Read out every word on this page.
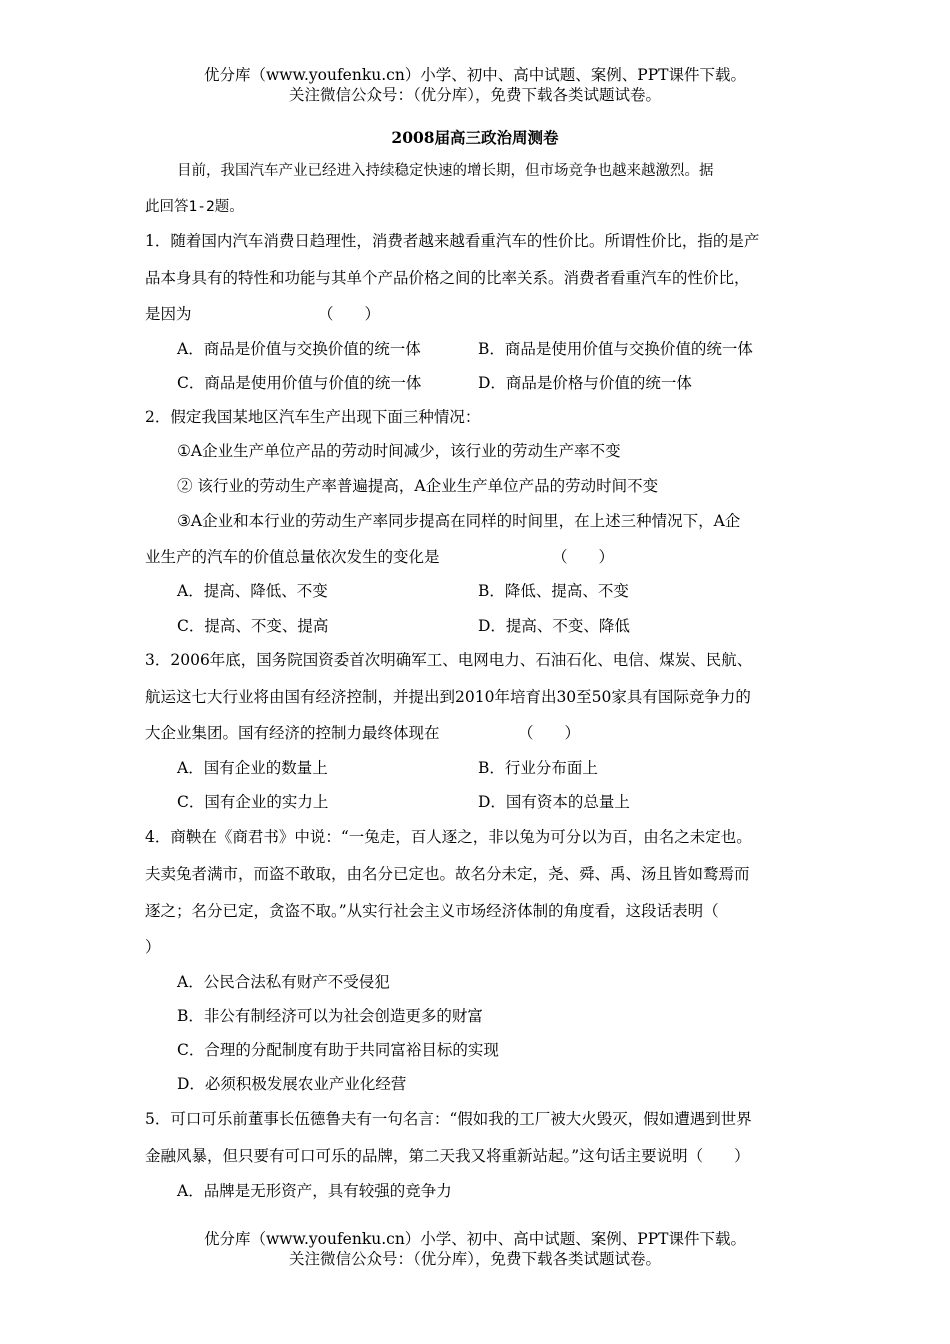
优分库（www.youfenku.cn）小学、初中、高中试题、案例、PPT课件下载。
关注微信公众号：（优分库），免费下载各类试题试卷。
2008届高三政治周测卷
目前，我国汽车产业已经进入持续稳定快速的增长期，但市场竞争也越来越激烈。据
此回答1-2题。
1．随着国内汽车消费日趋理性，消费者越来越看重汽车的性价比。所谓性价比，指的是产
品本身具有的特性和功能与其单个产品价格之间的比率关系。消费者看重汽车的性价比，
是因为	（　　）
A．商品是价值与交换价值的统一体	B．商品是使用价值与交换价值的统一体
C．商品是使用价值与价值的统一体	D．商品是价格与价值的统一体
2．假定我国某地区汽车生产出现下面三种情况：
①A企业生产单位产品的劳动时间减少，该行业的劳动生产率不变
② 该行业的劳动生产率普遍提高，A企业生产单位产品的劳动时间不变
③A企业和本行业的劳动生产率同步提高在同样的时间里，在上述三种情况下，A企
业生产的汽车的价值总量依次发生的变化是	（　　）
A．提高、降低、不变	B．降低、提高、不变
C．提高、不变、提高	D．提高、不变、降低
3．2006年底，国务院国资委首次明确军工、电网电力、石油石化、电信、煤炭、民航、
航运这七大行业将由国有经济控制，并提出到2010年培育出30至50家具有国际竞争力的
大企业集团。国有经济的控制力最终体现在	（　　）
A．国有企业的数量上	B．行业分布面上
C．国有企业的实力上	D．国有资本的总量上
4．商鞅在《商君书》中说：“一兔走，百人逐之，非以兔为可分以为百，由名之未定也。
夫卖兔者满市，而盗不敢取，由名分已定也。故名分未定，尧、舜、禹、汤且皆如鹜焉而
逐之；名分已定，贪盗不取。”从实行社会主义市场经济体制的角度看，这段话表明（
）
A．公民合法私有财产不受侵犯
B．非公有制经济可以为社会创造更多的财富
C．合理的分配制度有助于共同富裕目标的实现
D．必须积极发展农业产业化经营
5．可口可乐前董事长伍德鲁夫有一句名言：“假如我的工厂被大火毁灭，假如遭遇到世界
金融风暴，但只要有可口可乐的品牌，第二天我又将重新站起。”这句话主要说明（　　）
A．品牌是无形资产，具有较强的竞争力
优分库（www.youfenku.cn）小学、初中、高中试题、案例、PPT课件下载。
关注微信公众号：（优分库），免费下载各类试题试卷。
